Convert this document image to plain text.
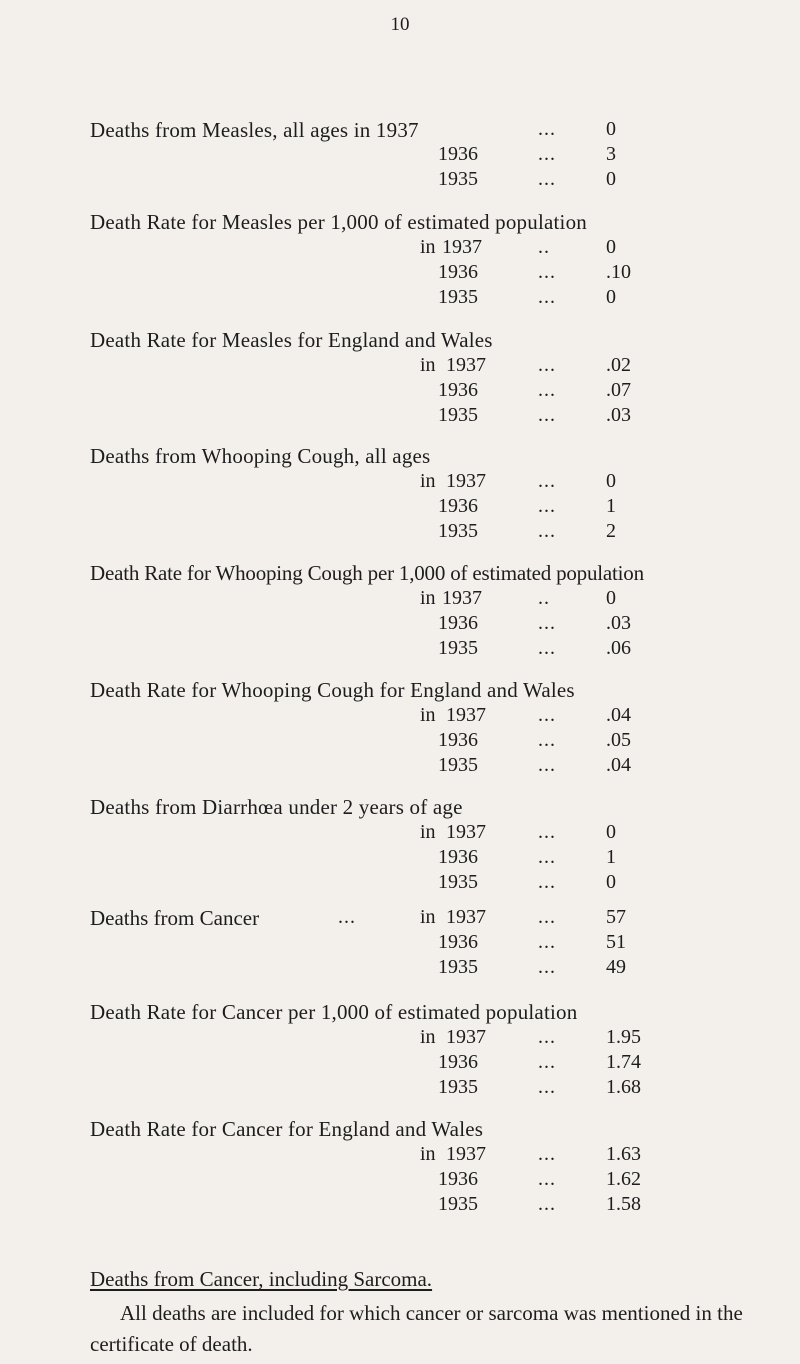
10
Deaths from Measles, all ages in 1937	...	0
1936	...	3
1935	...	0
Death Rate for Measles per 1,000 of estimated population
in 1937	..	0
1936	...	.10
1935	...	0
Death Rate for Measles for England and Wales
in 1937	...	.02
1936	...	.07
1935	...	.03
Deaths from Whooping Cough, all ages
in 1937	...	0
1936	...	1
1935	...	2
Death Rate for Whooping Cough per 1,000 of estimated population
in 1937	..	0
1936	...	.03
1935	...	.06
Death Rate for Whooping Cough for England and Wales
in 1937	...	.04
1936	...	.05
1935	...	.04
Deaths from Diarrhœa under 2 years of age
in 1937	...	0
1936	...	1
1935	...	0
Deaths from Cancer	...	in 1937	...	57
1936	...	51
1935	...	49
Death Rate for Cancer per 1,000 of estimated population
in 1937	...	1.95
1936	...	1.74
1935	...	1.68
Death Rate for Cancer for England and Wales
in 1937	...	1.63
1936	...	1.62
1935	...	1.58
Deaths from Cancer, including Sarcoma.
All deaths are included for which cancer or sarcoma was mentioned in the certificate of death.
